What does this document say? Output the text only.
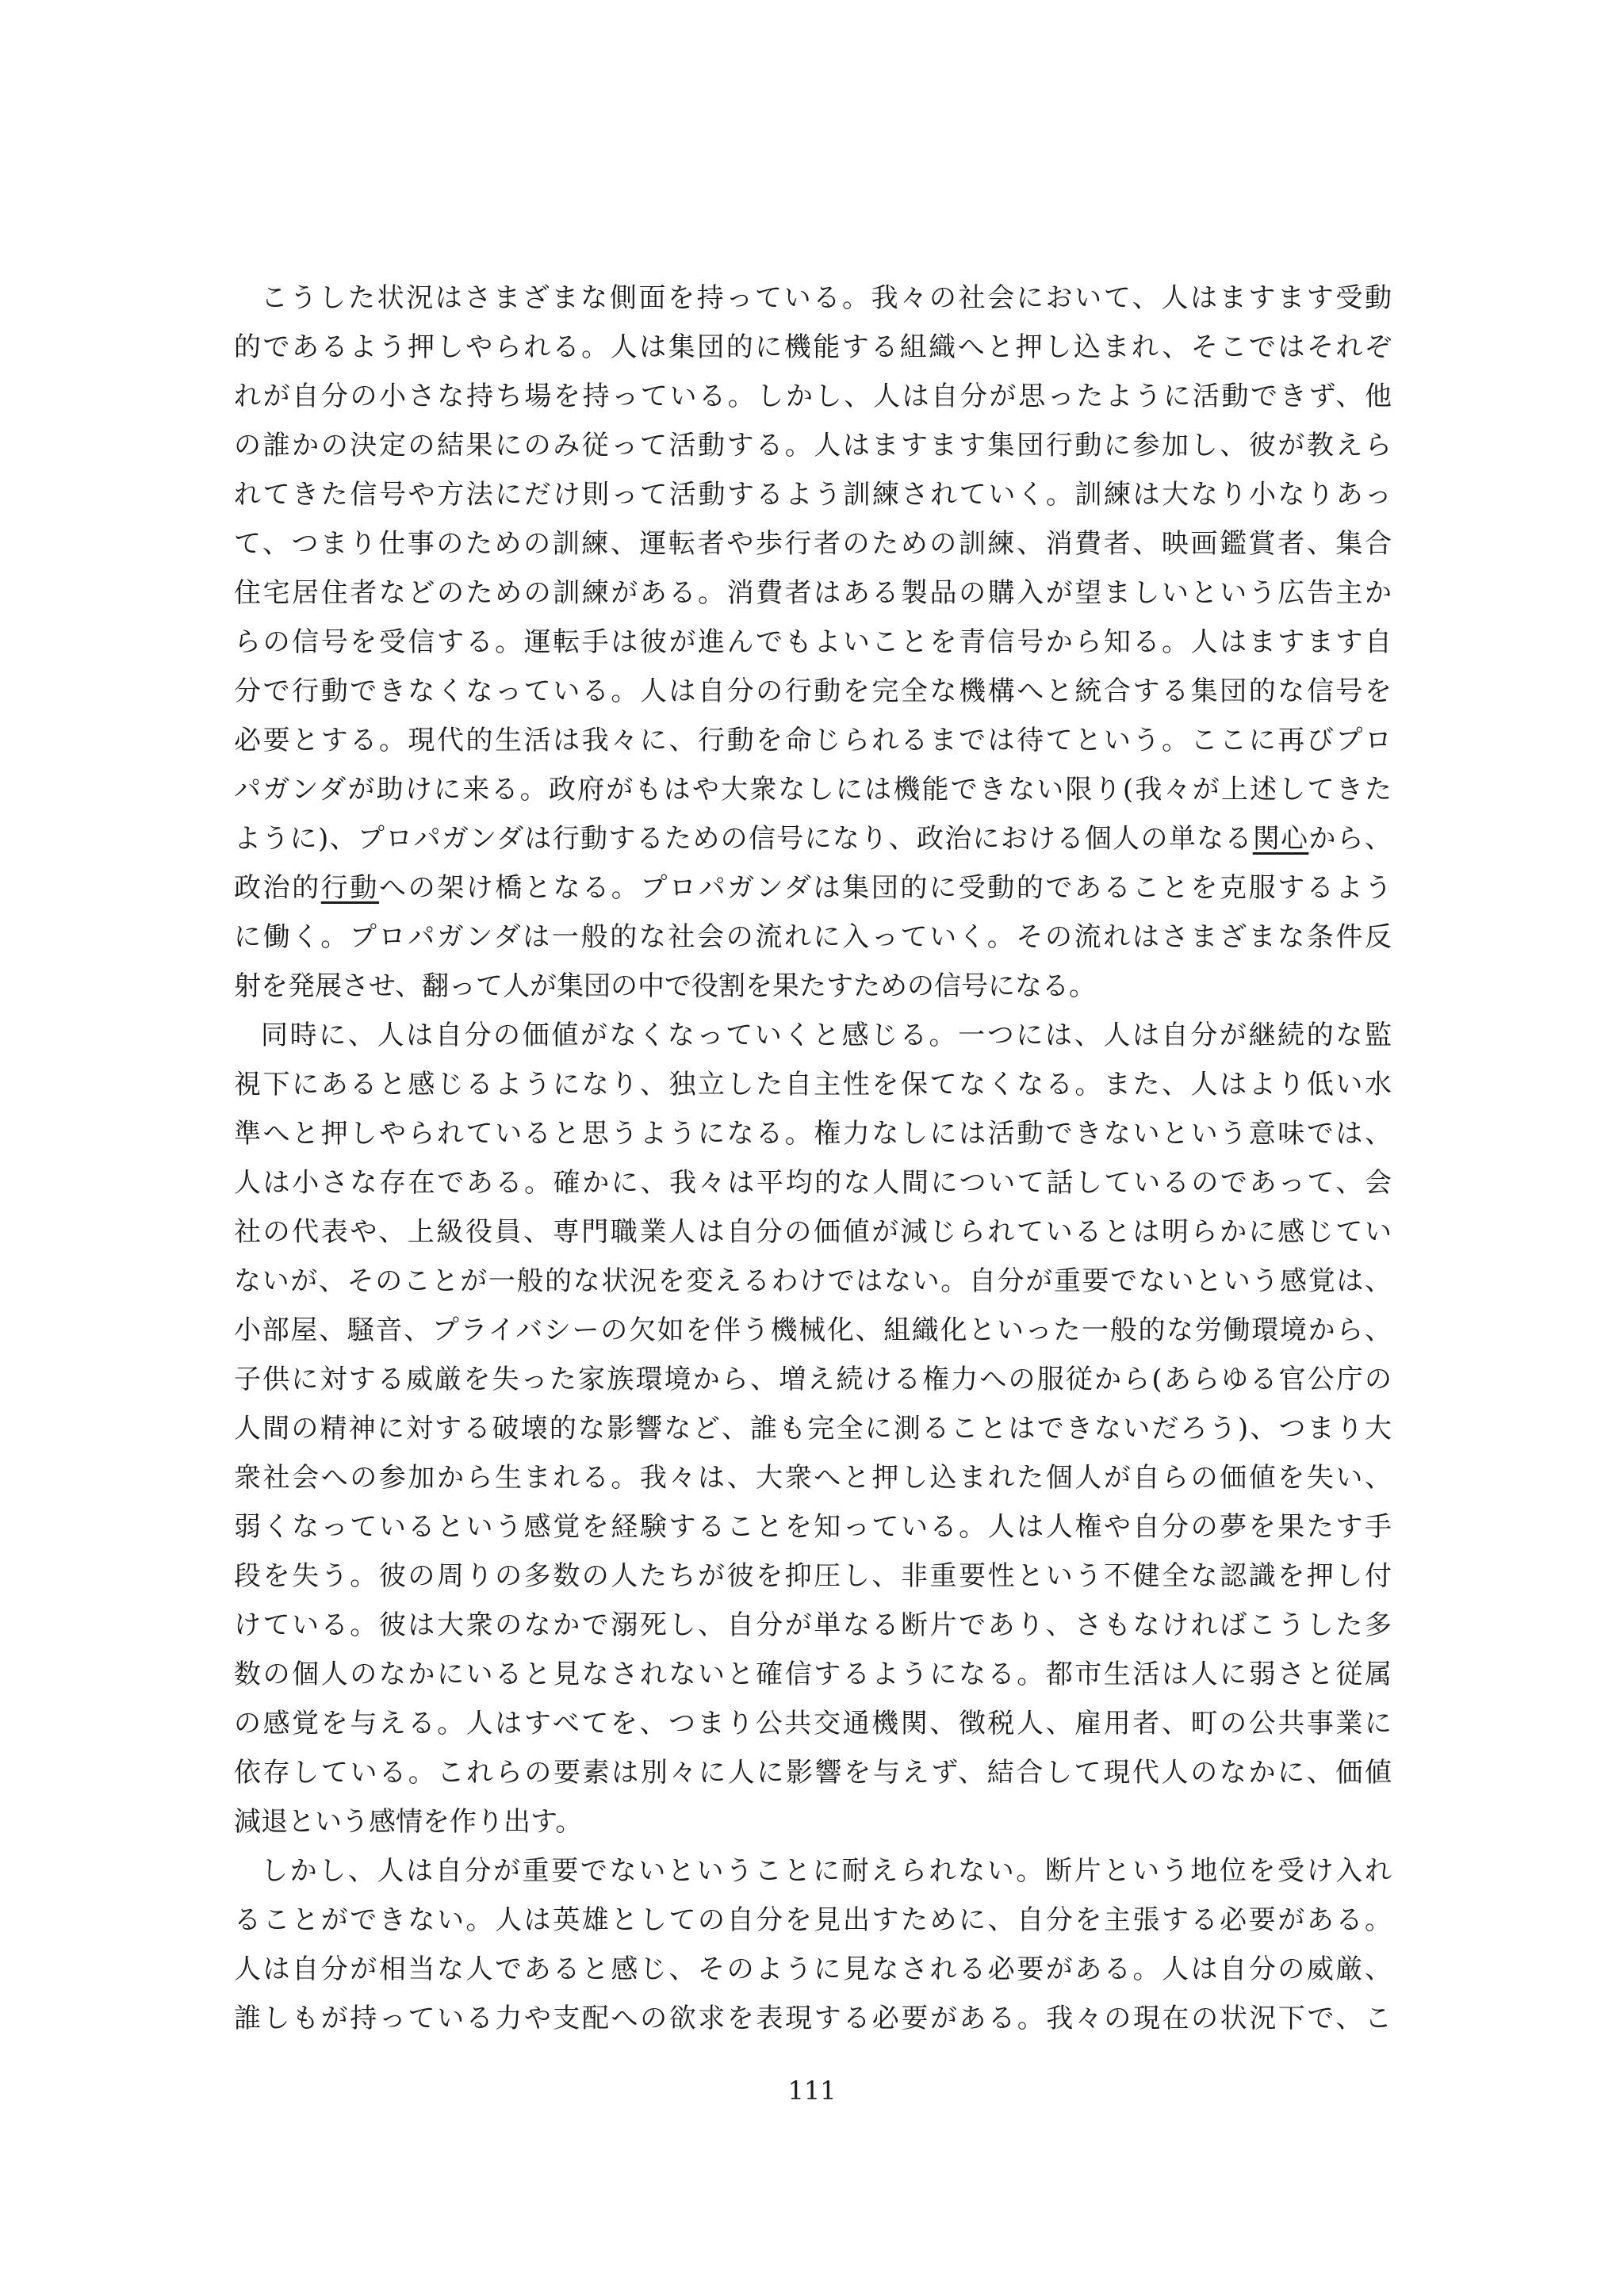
こうした状況はさまざまな側面を持っている。我々の社会において、人はますます受動
的であるよう押しやられる。人は集団的に機能する組織へと押し込まれ、そこではそれぞ
れが自分の小さな持ち場を持っている。しかし、人は自分が思ったように活動できず、他
の誰かの決定の結果にのみ従って活動する。人はますます集団行動に参加し、彼が教えら
れてきた信号や方法にだけ則って活動するよう訓練されていく。訓練は大なり小なりあっ
て、つまり仕事のための訓練、運転者や歩行者のための訓練、消費者、映画鑑賞者、集合
住宅居住者などのための訓練がある。消費者はある製品の購入が望ましいという広告主か
らの信号を受信する。運転手は彼が進んでもよいことを青信号から知る。人はますます自
分で行動できなくなっている。人は自分の行動を完全な機構へと統合する集団的な信号を
必要とする。現代的生活は我々に、行動を命じられるまでは待てという。ここに再びプロ
パガンダが助けに来る。政府がもはや大衆なしには機能できない限り(我々が上述してきた
ように)、プロパガンダは行動するための信号になり、政治における個人の単なる関心から、
政治的行動への架け橋となる。プロパガンダは集団的に受動的であることを克服するよう
に働く。プロパガンダは一般的な社会の流れに入っていく。その流れはさまざまな条件反
射を発展させ、翻って人が集団の中で役割を果たすための信号になる。
同時に、人は自分の価値がなくなっていくと感じる。一つには、人は自分が継続的な監
視下にあると感じるようになり、独立した自主性を保てなくなる。また、人はより低い水
準へと押しやられていると思うようになる。権力なしには活動できないという意味では、
人は小さな存在である。確かに、我々は平均的な人間について話しているのであって、会
社の代表や、上級役員、専門職業人は自分の価値が減じられているとは明らかに感じてい
ないが、そのことが一般的な状況を変えるわけではない。自分が重要でないという感覚は、
小部屋、騒音、プライバシーの欠如を伴う機械化、組織化といった一般的な労働環境から、
子供に対する威厳を失った家族環境から、増え続ける権力への服従から(あらゆる官公庁の
人間の精神に対する破壊的な影響など、誰も完全に測ることはできないだろう)、つまり大
衆社会への参加から生まれる。我々は、大衆へと押し込まれた個人が自らの価値を失い、
弱くなっているという感覚を経験することを知っている。人は人権や自分の夢を果たす手
段を失う。彼の周りの多数の人たちが彼を抑圧し、非重要性という不健全な認識を押し付
けている。彼は大衆のなかで溺死し、自分が単なる断片であり、さもなければこうした多
数の個人のなかにいると見なされないと確信するようになる。都市生活は人に弱さと従属
の感覚を与える。人はすべてを、つまり公共交通機関、徴税人、雇用者、町の公共事業に
依存している。これらの要素は別々に人に影響を与えず、結合して現代人のなかに、価値
減退という感情を作り出す。
しかし、人は自分が重要でないということに耐えられない。断片という地位を受け入れ
ることができない。人は英雄としての自分を見出すために、自分を主張する必要がある。
人は自分が相当な人であると感じ、そのように見なされる必要がある。人は自分の威厳、
誰しもが持っている力や支配への欲求を表現する必要がある。我々の現在の状況下で、こ
111
